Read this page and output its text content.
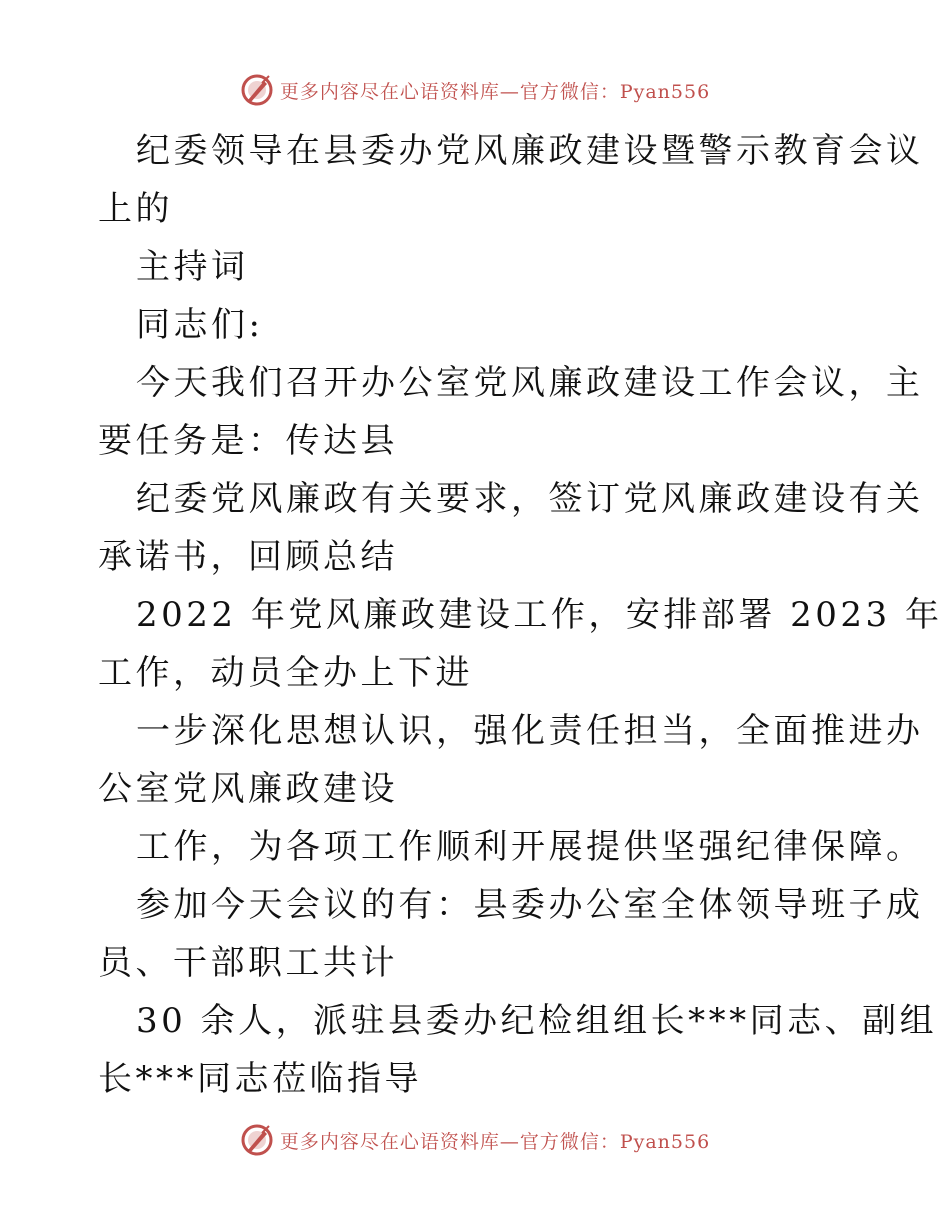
更多内容尽在心语资料库—官方微信：Pyan556
纪委领导在县委办党风廉政建设暨警示教育会议
上的
主持词
同志们:
今天我们召开办公室党风廉政建设工作会议，主
要任务是：传达县
纪委党风廉政有关要求，签订党风廉政建设有关
承诺书，回顾总结
2022 年党风廉政建设工作，安排部署 2023 年
工作，动员全办上下进
一步深化思想认识，强化责任担当，全面推进办
公室党风廉政建设
工作，为各项工作顺利开展提供坚强纪律保障。
参加今天会议的有：县委办公室全体领导班子成
员、干部职工共计
30 余人，派驻县委办纪检组组长***同志、副组
长***同志莅临指导
更多内容尽在心语资料库—官方微信：Pyan556
